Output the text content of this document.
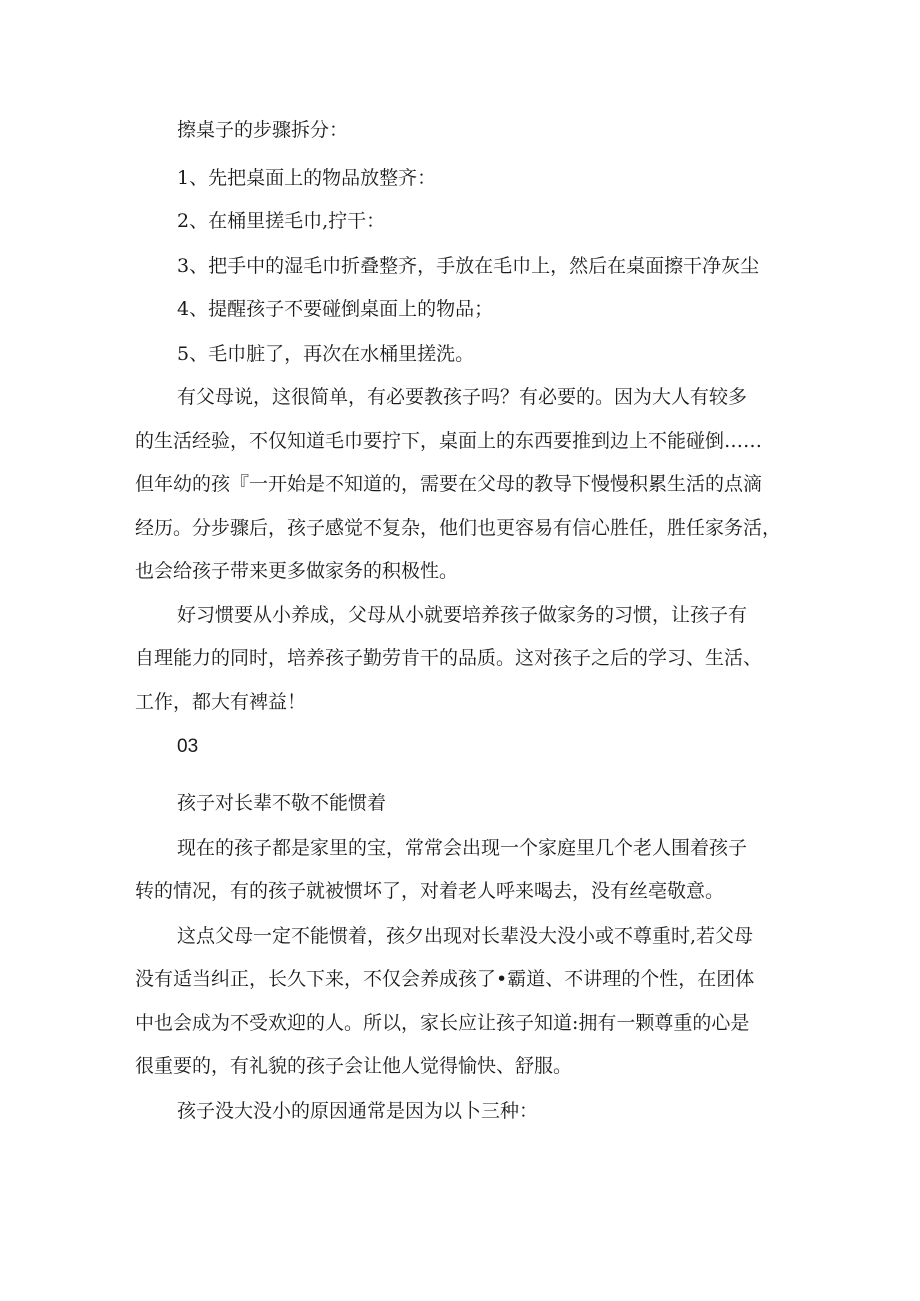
擦桌子的步骤拆分：
1、先把桌面上的物品放整齐：
2、在桶里搓毛巾,拧干：
3、把手中的湿毛巾折叠整齐，手放在毛巾上，然后在桌面擦干净灰尘
4、提醒孩子不要碰倒桌面上的物品；
5、毛巾脏了，再次在水桶里搓洗。
有父母说，这很简单，有必要教孩子吗？有必要的。因为大人有较多
的生活经验，不仅知道毛巾要拧下，桌面上的东西要推到边上不能碰倒……
但年幼的孩『一开始是不知道的，需要在父母的教导下慢慢积累生活的点滴
经历。分步骤后，孩子感觉不复杂，他们也更容易有信心胜任，胜任家务活，
也会给孩子带来更多做家务的积极性。
好习惯要从小养成，父母从小就要培养孩子做家务的习惯，让孩子有
自理能力的同时，培养孩子勤劳肯干的品质。这对孩子之后的学习、生活、
工作，都大有裨益！
03
孩子对长辈不敬不能惯着
现在的孩子都是家里的宝，常常会出现一个家庭里几个老人围着孩子
转的情况，有的孩子就被惯坏了，对着老人呼来喝去，没有丝亳敬意。
这点父母一定不能惯着，孩夕出现对长辈没大没小或不尊重时,若父母
没有适当纠正，长久下来，不仅会养成孩了•霸道、不讲理的个性，在团体
中也会成为不受欢迎的人。所以，家长应让孩子知道:拥有一颗尊重的心是
很重要的，有礼貌的孩子会让他人觉得愉快、舒服。
孩子没大没小的原因通常是因为以卜三种：
